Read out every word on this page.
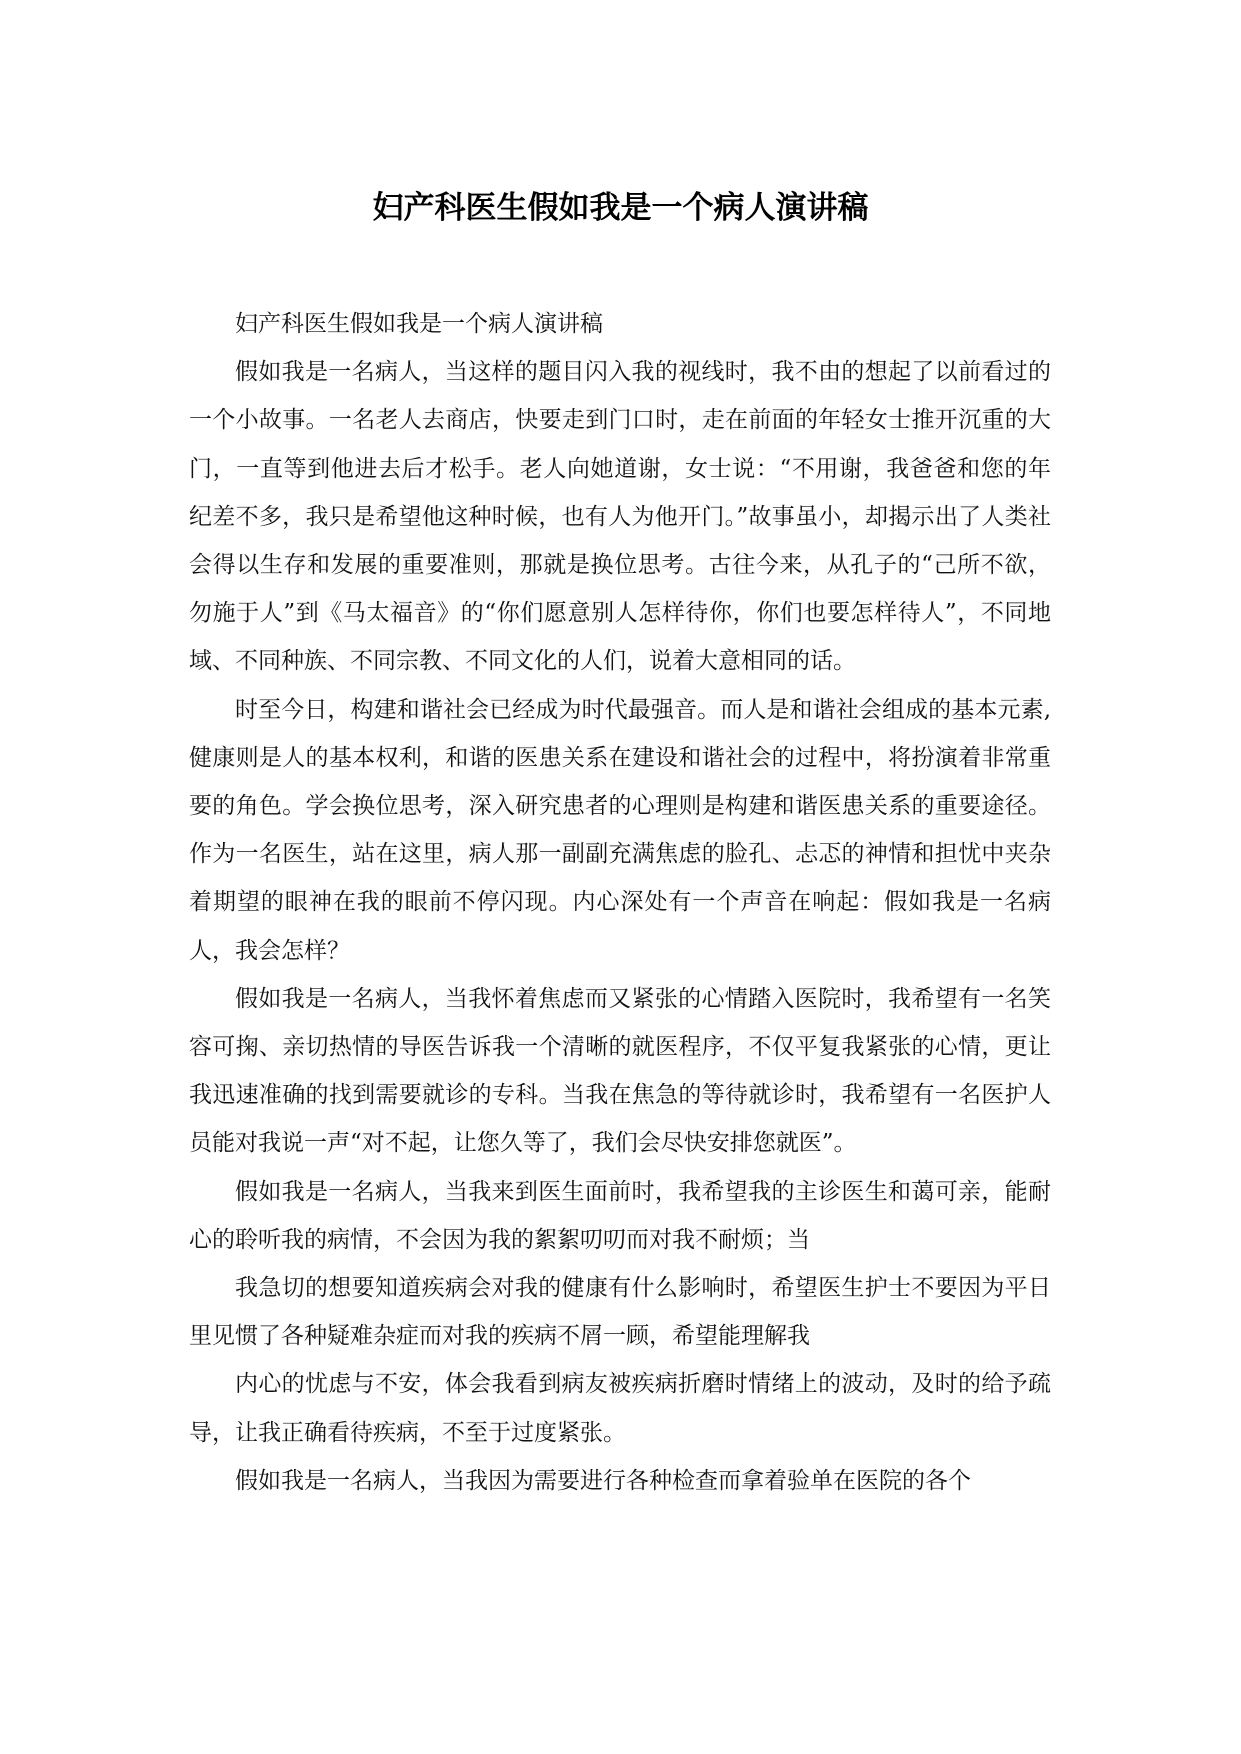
妇产科医生假如我是一个病人演讲稿

妇产科医生假如我是一个病人演讲稿

假如我是一名病人，当这样的题目闪入我的视线时，我不由的想起了以前看过的一个小故事。一名老人去商店，快要走到门口时，走在前面的年轻女士推开沉重的大门，一直等到他进去后才松手。老人向她道谢，女士说：“不用谢，我爸爸和您的年纪差不多，我只是希望他这种时候，也有人为他开门。”故事虽小，却揭示出了人类社会得以生存和发展的重要准则，那就是换位思考。古往今来，从孔子的“己所不欲，勿施于人”到《马太福音》的“你们愿意别人怎样待你，你们也要怎样待人”，不同地域、不同种族、不同宗教、不同文化的人们，说着大意相同的话。

时至今日，构建和谐社会已经成为时代最强音。而人是和谐社会组成的基本元素,健康则是人的基本权利，和谐的医患关系在建设和谐社会的过程中，将扮演着非常重要的角色。学会换位思考，深入研究患者的心理则是构建和谐医患关系的重要途径。作为一名医生，站在这里，病人那一副副充满焦虑的脸孔、忐忑的神情和担忧中夹杂着期望的眼神在我的眼前不停闪现。内心深处有一个声音在响起：假如我是一名病人，我会怎样？

假如我是一名病人，当我怀着焦虑而又紧张的心情踏入医院时，我希望有一名笑容可掬、亲切热情的导医告诉我一个清晰的就医程序，不仅平复我紧张的心情，更让我迅速准确的找到需要就诊的专科。当我在焦急的等待就诊时，我希望有一名医护人员能对我说一声“对不起，让您久等了，我们会尽快安排您就医”。

假如我是一名病人，当我来到医生面前时，我希望我的主诊医生和蔼可亲，能耐心的聆听我的病情，不会因为我的絮絮叨叨而对我不耐烦；当

我急切的想要知道疾病会对我的健康有什么影响时，希望医生护士不要因为平日里见惯了各种疑难杂症而对我的疾病不屑一顾，希望能理解我

内心的忧虑与不安，体会我看到病友被疾病折磨时情绪上的波动，及时的给予疏导，让我正确看待疾病，不至于过度紧张。

假如我是一名病人，当我因为需要进行各种检查而拿着验单在医院的各个
